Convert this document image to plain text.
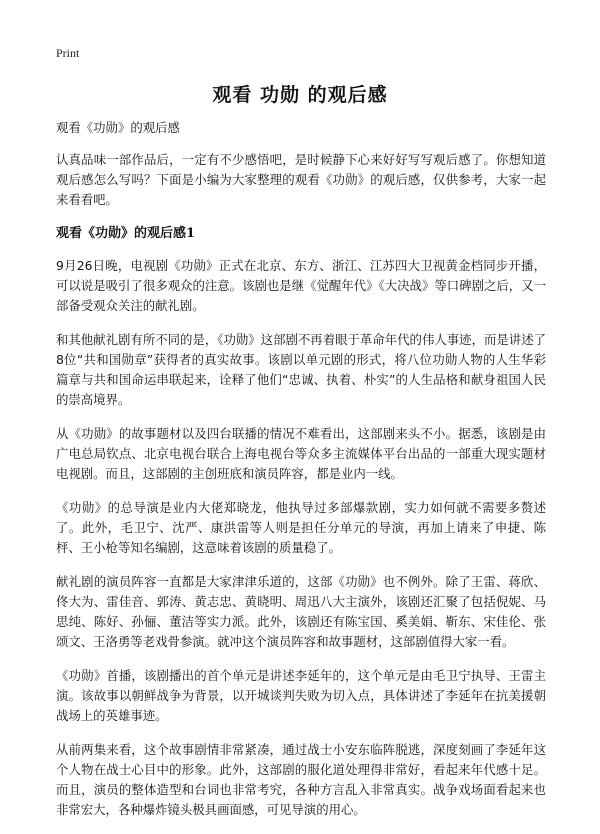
Print
观看 功勋 的观后感

观看《功勋》的观后感

认真品味一部作品后，一定有不少感悟吧，是时候静下心来好好写写观后感了。你想知道观后感怎么写吗？下面是小编为大家整理的观看《功勋》的观后感，仅供参考，大家一起来看看吧。

观看《功勋》的观后感1

9月26日晚，电视剧《功勋》正式在北京、东方、浙江、江苏四大卫视黄金档同步开播，可以说是吸引了很多观众的注意。该剧也是继《觉醒年代》《大决战》等口碑剧之后，又一部备受观众关注的献礼剧。

和其他献礼剧有所不同的是，《功勋》这部剧不再着眼于革命年代的伟人事迹，而是讲述了8位“共和国勋章”获得者的真实故事。该剧以单元剧的形式，将八位功勋人物的人生华彩篇章与共和国命运串联起来，诠释了他们“忠诚、执着、朴实”的人生品格和献身祖国人民的崇高境界。

从《功勋》的故事题材以及四台联播的情况不难看出，这部剧来头不小。据悉，该剧是由广电总局钦点、北京电视台联合上海电视台等众多主流媒体平台出品的一部重大现实题材电视剧。而且，这部剧的主创班底和演员阵容，都是业内一线。

《功勋》的总导演是业内大佬郑晓龙，他执导过多部爆款剧，实力如何就不需要多赘述了。此外，毛卫宁、沈严、康洪雷等人则是担任分单元的导演，再加上请来了申捷、陈枰、王小枪等知名编剧，这意味着该剧的质量稳了。

献礼剧的演员阵容一直都是大家津津乐道的，这部《功勋》也不例外。除了王雷、蒋欣、佟大为、雷佳音、郭涛、黄志忠、黄晓明、周迅八大主演外，该剧还汇聚了包括倪妮、马思纯、陈好、孙俪、董洁等实力派。此外，该剧还有陈宝国、奚美娟、靳东、宋佳伦、张颂文、王洛勇等老戏骨参演。就冲这个演员阵容和故事题材，这部剧值得大家一看。

《功勋》首播，该剧播出的首个单元是讲述李延年的，这个单元是由毛卫宁执导、王雷主演。该故事以朝鲜战争为背景，以开城谈判失败为切入点，具体讲述了李延年在抗美援朝战场上的英雄事迹。

从前两集来看，这个故事剧情非常紧凑，通过战士小安东临阵脱逃，深度刻画了李延年这个人物在战士心目中的形象。此外，这部剧的服化道处理得非常好，看起来年代感十足。而且，演员的整体造型和台词也非常考究，各种方言乱入非常真实。战争戏场面看起来也非常宏大，各种爆炸镜头极具画面感，可见导演的用心。
